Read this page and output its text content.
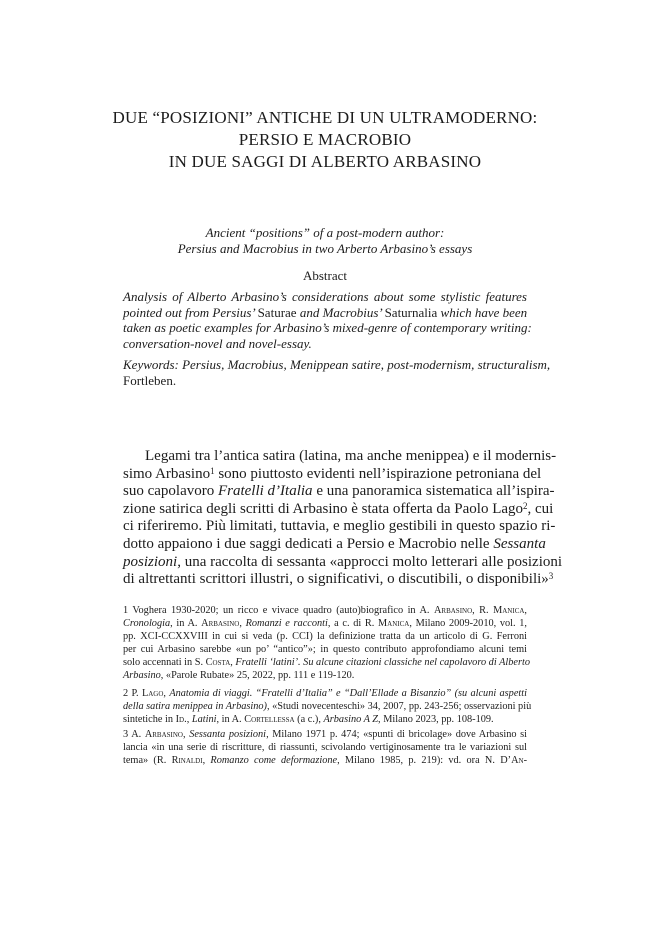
DUE “POSIZIONI” ANTICHE DI UN ULTRAMODERNO:
PERSIO E MACROBIO
IN DUE SAGGI DI ALBERTO ARBASINO
Ancient “positions” of a post-modern author:
Persius and Macrobius in two Arberto Arbasino’s essays
Abstract
Analysis of Alberto Arbasino’s considerations about some stylistic features
pointed out from Persius’ Saturae and Macrobius’ Saturnalia which have been
taken as poetic examples for Arbasino’s mixed-genre of contemporary writing:
conversation-novel and novel-essay.
Keywords: Persius, Macrobius, Menippean satire, post-modernism, structuralism,
Fortleben.
Legami tra l’antica satira (latina, ma anche menippea) e il modernis-
simo Arbasino$^1$ sono piuttosto evidenti nell’ispirazione petroniana del
suo capolavoro Fratelli d’Italia e una panoramica sistematica all’ispira-
zione satirica degli scritti di Arbasino è stata offerta da Paolo Lago$^2$, cui
ci riferiremo. Più limitati, tuttavia, e meglio gestibili in questo spazio ri-
dotto appaiono i due saggi dedicati a Persio e Macrobio nelle Sessanta
posizioni, una raccolta di sessanta «approcci molto letterari alle posizioni
di altrettanti scrittori illustri, o significativi, o discutibili, o disponibili»$^3$
1 Voghera 1930-2020; un ricco e vivace quadro (auto)biografico in A. Arbasino, R. Manica,
Cronologia, in A. Arbasino, Romanzi e racconti, a c. di R. Manica, Milano 2009-2010, vol. 1,
pp. XCI-CCXXVIII in cui si veda (p. CCI) la definizione tratta da un articolo di G. Ferroni
per cui Arbasino sarebbe «un po’ “antico”»; in questo contributo approfondiamo alcuni temi
solo accennati in S. Costa, Fratelli ‘latini’. Su alcune citazioni classiche nel capolavoro di Alberto
Arbasino, «Parole Rubate» 25, 2022, pp. 111 e 119-120.
2 P. Lago, Anatomia di viaggi. “Fratelli d’Italia” e “Dall’Ellade a Bisanzio” (su alcuni aspetti
della satira menippea in Arbasino), «Studi novecenteschi» 34, 2007, pp. 243-256; osservazioni più
sintetiche in Id., Latini, in A. Cortellessa (a c.), Arbasino A Z, Milano 2023, pp. 108-109.
3 A. Arbasino, Sessanta posizioni, Milano 1971 p. 474; «spunti di bricolage» dove Arbasino si
lancia «in una serie di riscritture, di riassunti, scivolando vertiginosamente tra le variazioni sul
tema» (R. Rinaldi, Romanzo come deformazione, Milano 1985, p. 219): vd. ora N. D’An-
